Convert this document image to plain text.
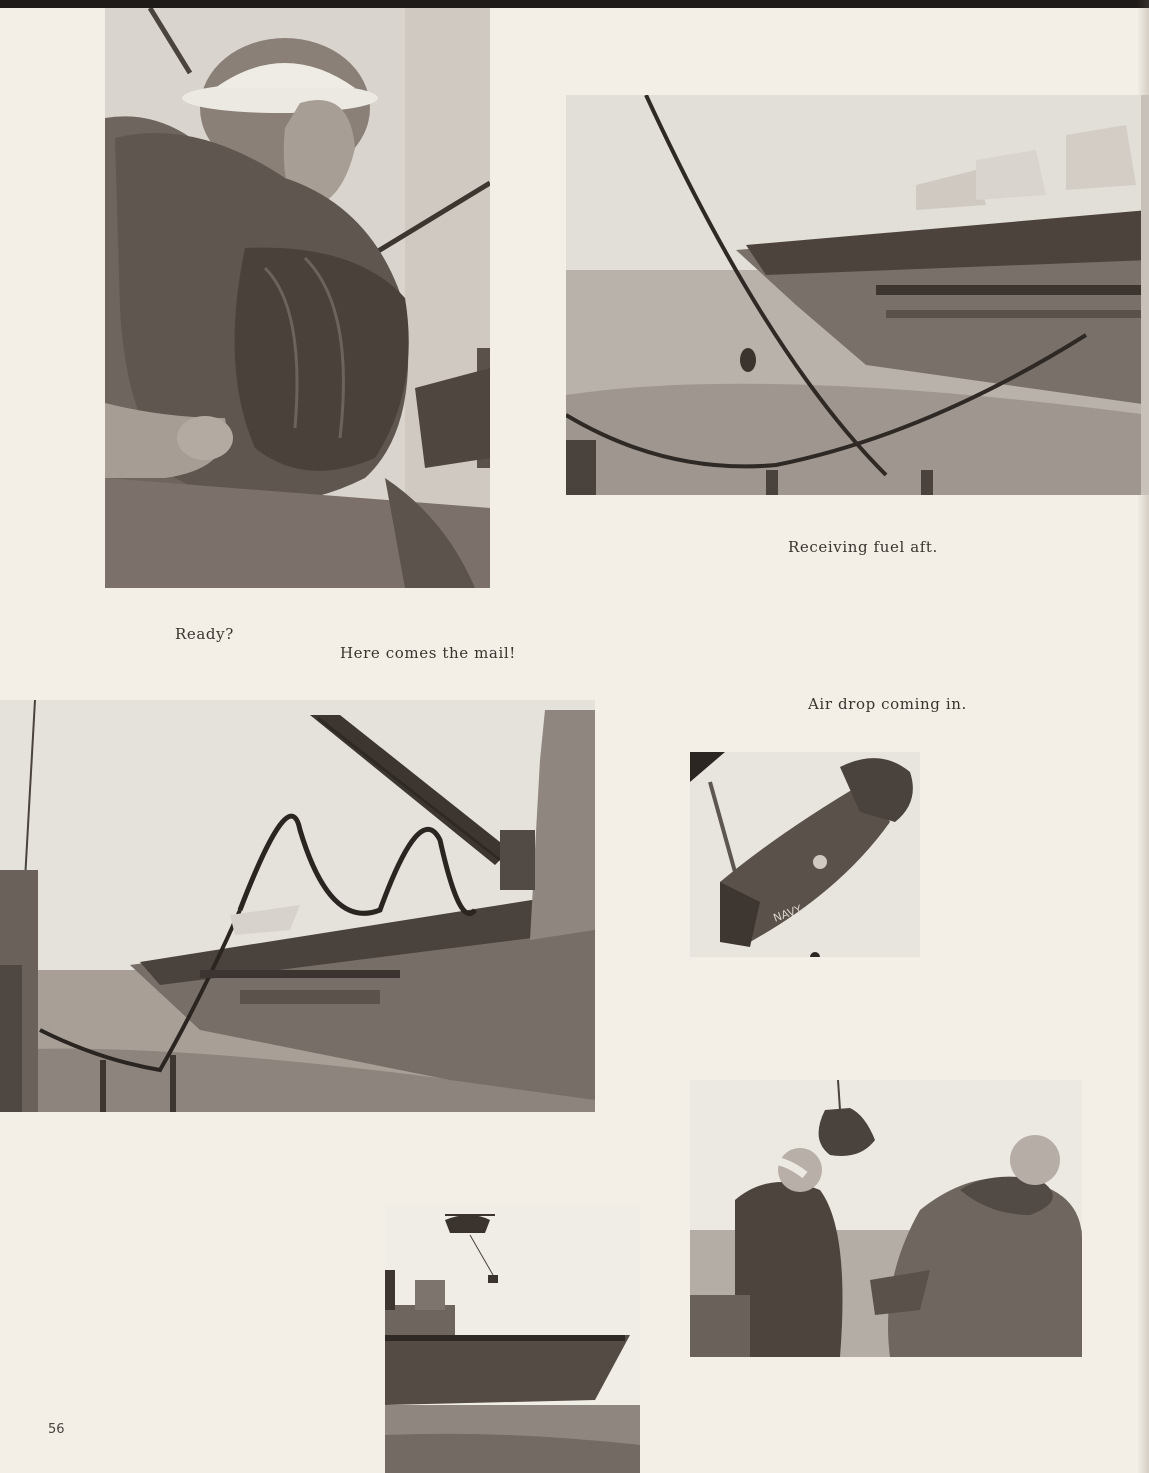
Receiving fuel aft.
Ready?
Here comes the mail!
Air drop coming in.
NAVY
56
